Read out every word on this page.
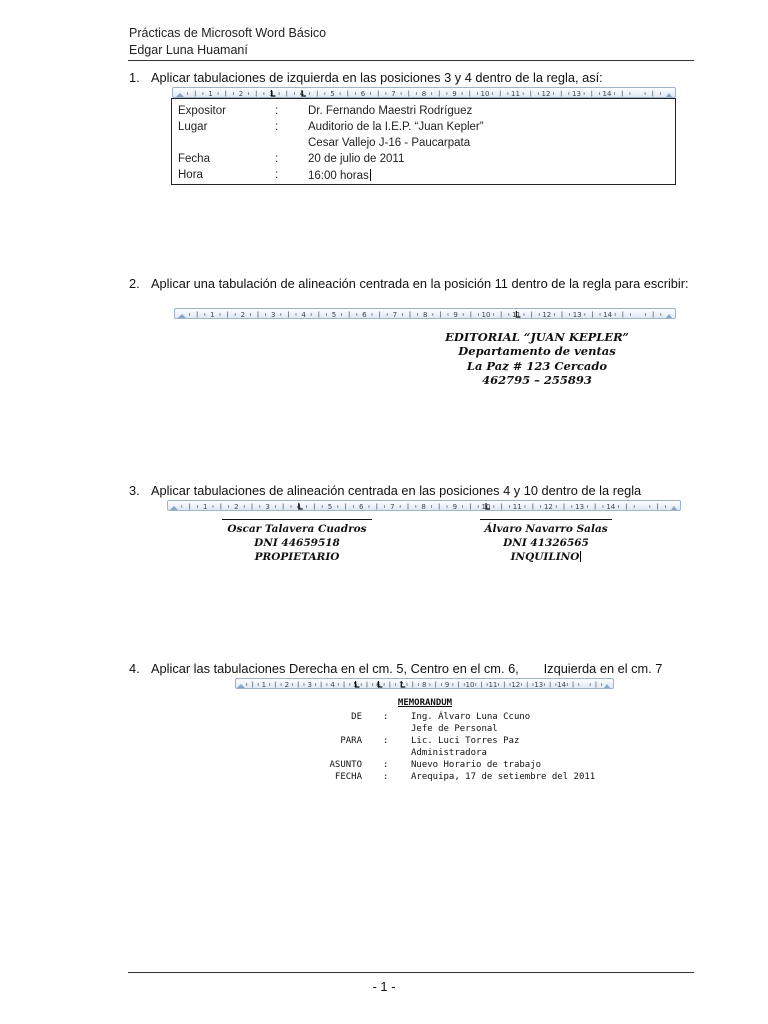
Prácticas de Microsoft Word Básico
Edgar Luna Huamaní
1. Aplicar tabulaciones de izquierda en las posiciones 3 y 4 dentro de la regla, así:
1	2	3	4	5	6	7	8	9	10	11	12	13	14
Expositor	:	Dr. Fernando Maestri Rodríguez
Lugar	:	Auditorio de la I.E.P. “Juan Kepler”
Cesar Vallejo J-16 - Paucarpata
Fecha	:	20 de julio de 2011
Hora	:	16:00 horas
2. Aplicar una tabulación de alineación centrada en la posición 11 dentro de la regla para escribir:
1	2	3	4	5	6	7	8	9	10	11	12	13	14
EDITORIAL “JUAN KEPLER”
Departamento de ventas
La Paz # 123 Cercado
462795 – 255893
3. Aplicar tabulaciones de alineación centrada en las posiciones 4 y 10 dentro de la regla
1	2	3	4	5	6	7	8	9	10	11	12	13	14
Oscar Talavera Cuadros
DNI 44659518
PROPIETARIO
Álvaro Navarro Salas
DNI 41326565
INQUILINO

4.

Aplicar las tabulaciones Derecha en el cm. 5, Centro en el cm. 6,       Izquierda en el cm. 7

1	2	3	4	5	6	7	8	9 10 11 12 13 14
MEMORANDUM
DE :	Ing. Álvaro Luna Ccuno
Jefe de Personal
PARA :	Lic. Luci Torres Paz
Administradora
ASUNTO :	Nuevo Horario de trabajo
FECHA :	Arequipa, 17 de setiembre del 2011
- 1 -
